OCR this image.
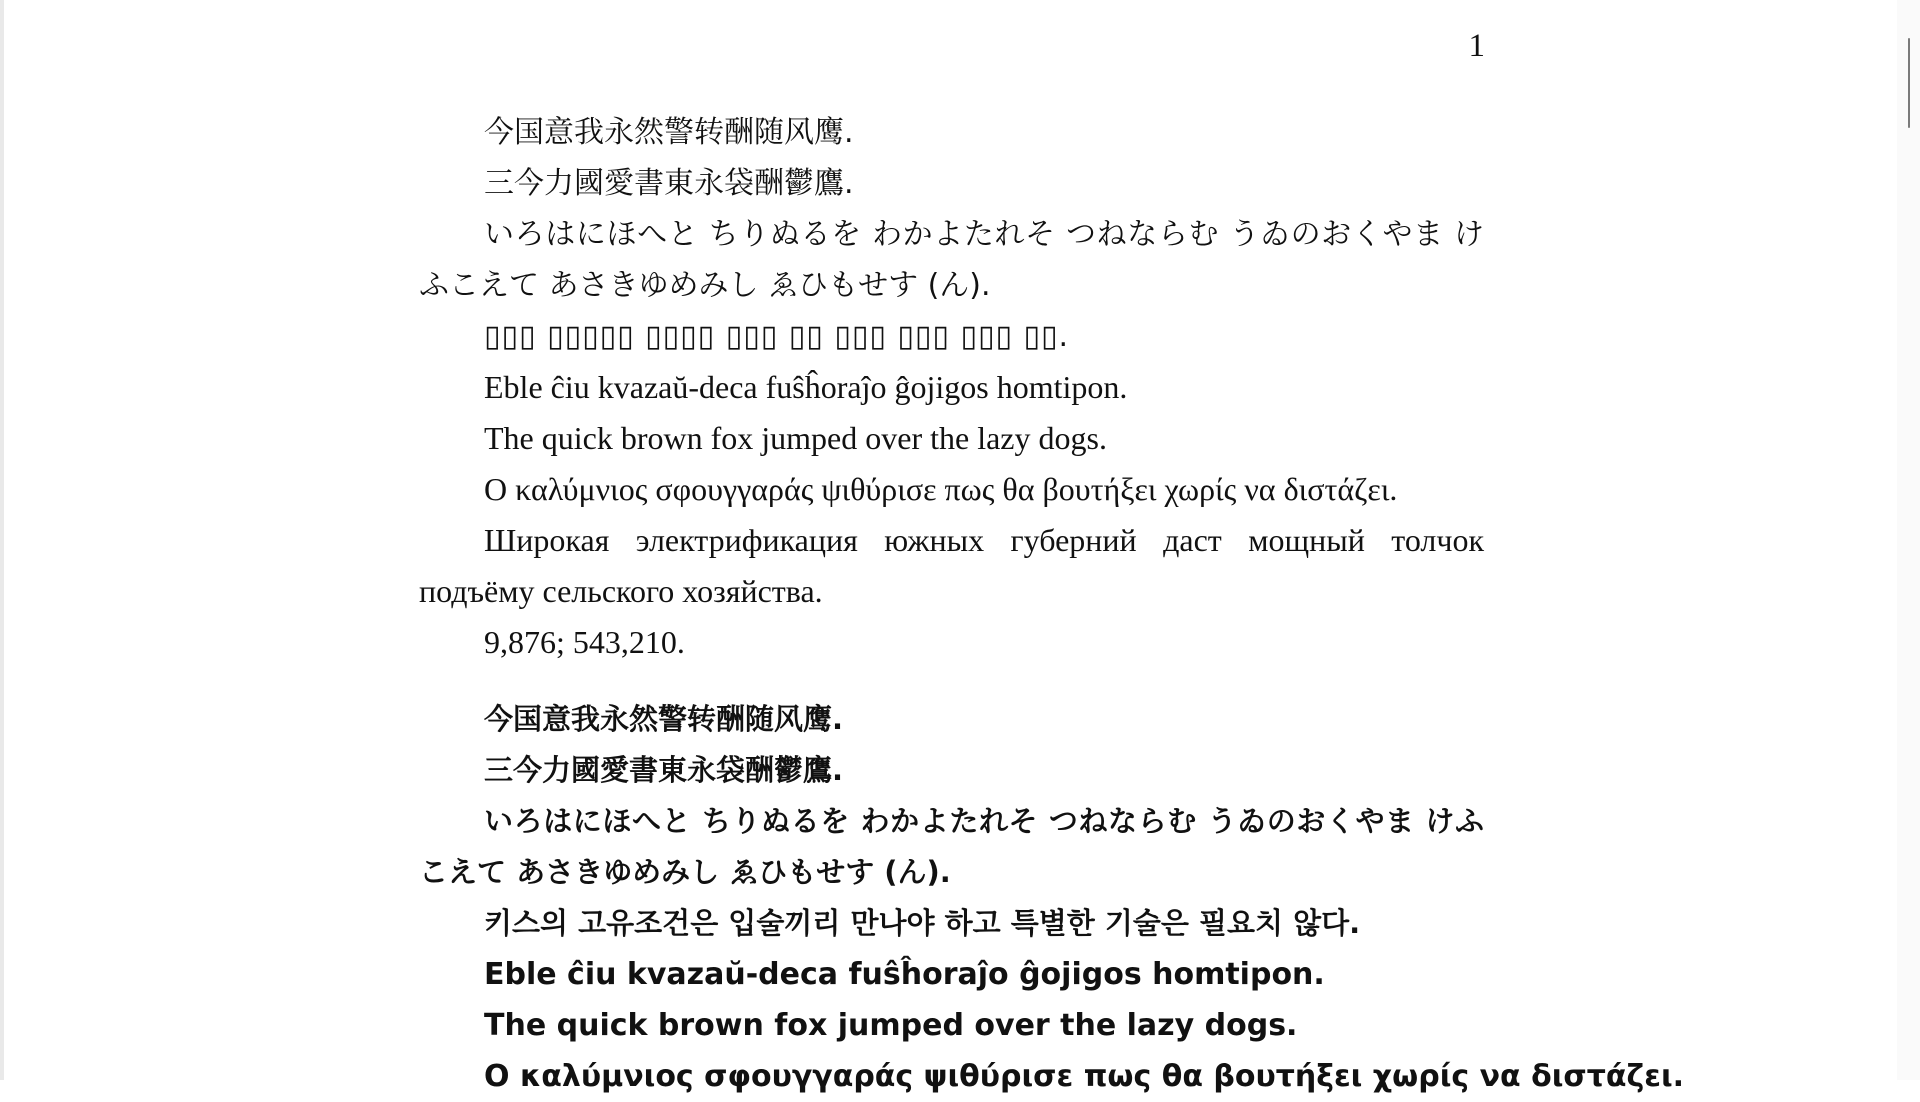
1

今国意我永然警转酬随风鹰.

三今力國愛書東永袋酬鬱鷹.

いろはにほへと ちりぬるを わかよたれそ つねならむ うゐのおくやま けふこえて あさきゆめみし ゑひもせす (ん).

▯▯▯ ▯▯▯▯▯ ▯▯▯▯ ▯▯▯ ▯▯ ▯▯▯ ▯▯▯ ▯▯▯ ▯▯.

Eble ĉiu kvazaŭ-deca fuŝĥoraĵo ĝojigos homtipon.

The quick brown fox jumped over the lazy dogs.

Ο καλύμνιος σφουγγαράς ψιθύρισε πως θα βουτήξει χωρίς να διστάζει.

Широкая электрификация южных губерний даст мощный толчок подъёму сельского хозяйства.

9,876; 543,210.

今国意我永然警转酬随风鹰.

三今力國愛書東永袋酬鬱鷹.

いろはにほへと ちりぬるを わかよたれそ つねならむ うゐのおくやま けふこえて あさきゆめみし ゑひもせす (ん).

키스의 고유조건은 입술끼리 만나야 하고 특별한 기술은 필요치 않다.

Eble ĉiu kvazaŭ-deca fuŝĥoraĵo ĝojigos homtipon.

The quick brown fox jumped over the lazy dogs.

Ο καλύμνιος σφουγγαράς ψιθύρισε πως θα βουτήξει χωρίς να διστάζει.
